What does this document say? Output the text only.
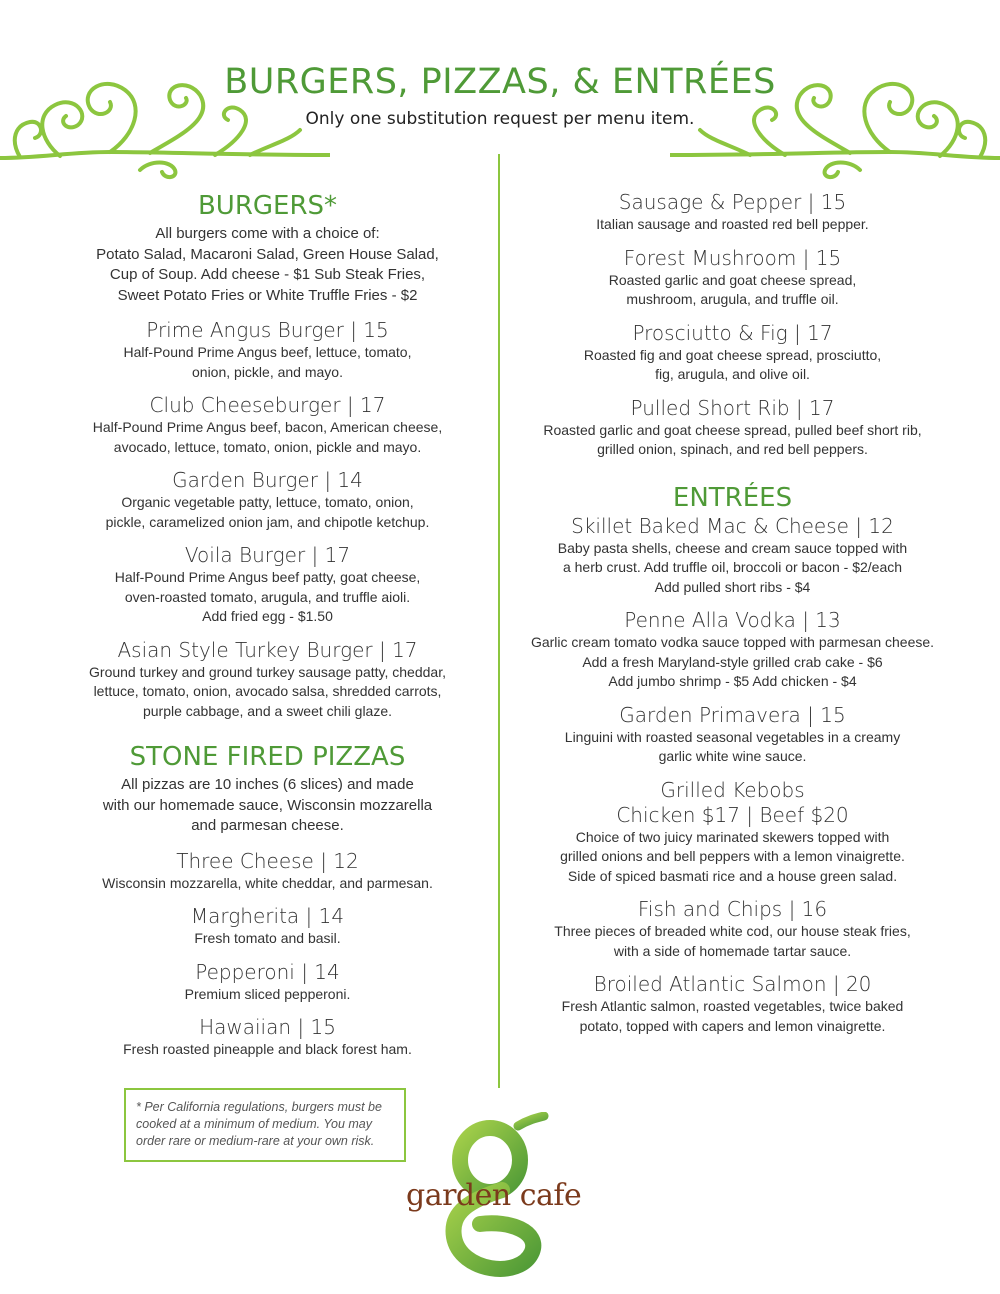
BURGERS, PIZZAS, & ENTRÉES
Only one substitution request per menu item.
BURGERS*
All burgers come with a choice of:
Potato Salad, Macaroni Salad, Green House Salad,
Cup of Soup. Add cheese - $1 Sub Steak Fries,
Sweet Potato Fries or White Truffle Fries - $2
Prime Angus Burger | 15
Half-Pound Prime Angus beef, lettuce, tomato,
onion, pickle, and mayo.
Club Cheeseburger | 17
Half-Pound Prime Angus beef, bacon, American cheese,
avocado, lettuce, tomato, onion, pickle and mayo.
Garden Burger | 14
Organic vegetable patty, lettuce, tomato, onion,
pickle, caramelized onion jam, and chipotle ketchup.
Voila Burger | 17
Half-Pound Prime Angus beef patty, goat cheese,
oven-roasted tomato, arugula, and truffle aioli.
Add fried egg - $1.50
Asian Style Turkey Burger | 17
Ground turkey and ground turkey sausage patty, cheddar,
lettuce, tomato, onion, avocado salsa, shredded carrots,
purple cabbage, and a sweet chili glaze.
STONE FIRED PIZZAS
All pizzas are 10 inches (6 slices) and made
with our homemade sauce, Wisconsin mozzarella
and parmesan cheese.
Three Cheese | 12
Wisconsin mozzarella, white cheddar, and parmesan.
Margherita | 14
Fresh tomato and basil.
Pepperoni | 14
Premium sliced pepperoni.
Hawaiian | 15
Fresh roasted pineapple and black forest ham.
Sausage & Pepper | 15
Italian sausage and roasted red bell pepper.
Forest Mushroom | 15
Roasted garlic and goat cheese spread,
mushroom, arugula, and truffle oil.
Prosciutto & Fig | 17
Roasted fig and goat cheese spread, prosciutto,
fig, arugula, and olive oil.
Pulled Short Rib | 17
Roasted garlic and goat cheese spread, pulled beef short rib,
grilled onion, spinach, and red bell peppers.
ENTRÉES
Skillet Baked Mac & Cheese | 12
Baby pasta shells, cheese and cream sauce topped with
a herb crust. Add truffle oil, broccoli or bacon - $2/each
Add pulled short ribs - $4
Penne Alla Vodka | 13
Garlic cream tomato vodka sauce topped with parmesan cheese.
Add a fresh Maryland-style grilled crab cake - $6
Add jumbo shrimp - $5 Add chicken - $4
Garden Primavera | 15
Linguini with roasted seasonal vegetables in a creamy
garlic white wine sauce.
Grilled Kebobs
Chicken $17 | Beef $20
Choice of two juicy marinated skewers topped with
grilled onions and bell peppers with a lemon vinaigrette.
Side of spiced basmati rice and a house green salad.
Fish and Chips | 16
Three pieces of breaded white cod, our house steak fries,
with a side of homemade tartar sauce.
Broiled Atlantic Salmon | 20
Fresh Atlantic salmon, roasted vegetables, twice baked
potato, topped with capers and lemon vinaigrette.
* Per California regulations, burgers must be
cooked at a minimum of medium. You may
order rare or medium-rare at your own risk.
garden cafe
